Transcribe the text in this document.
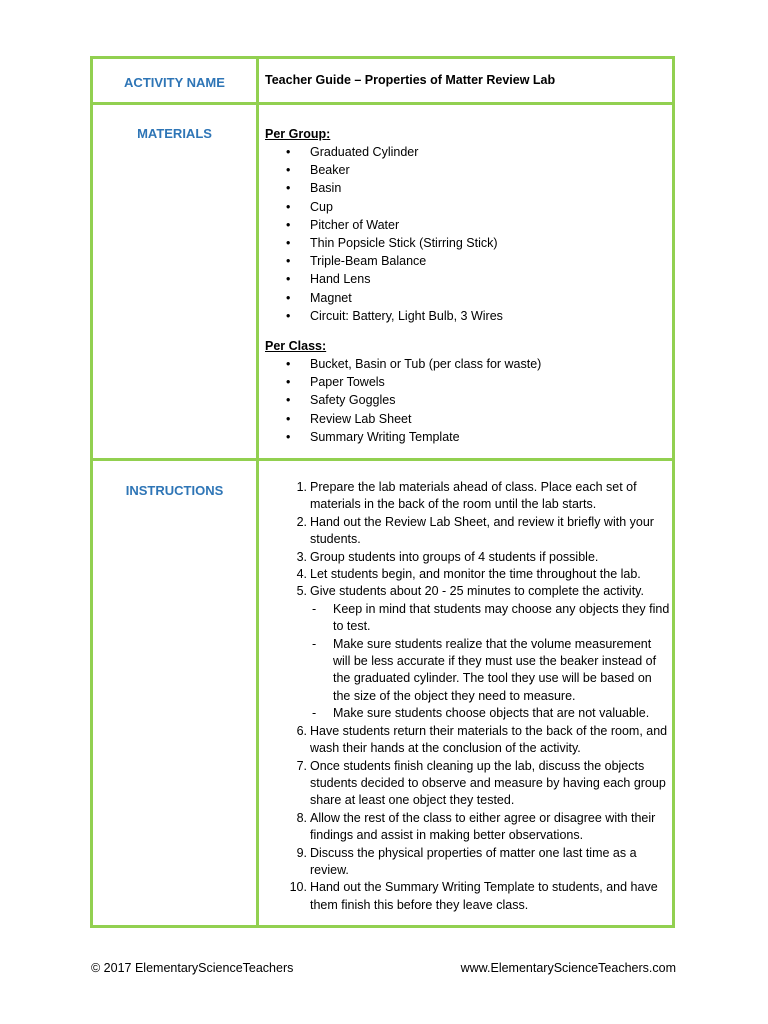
ACTIVITY NAME	Teacher Guide – Properties of Matter Review Lab
MATERIALS	Per Group:
• Graduated Cylinder
• Beaker
• Basin
• Cup
• Pitcher of Water
• Thin Popsicle Stick (Stirring Stick)
• Triple-Beam Balance
• Hand Lens
• Magnet
• Circuit: Battery, Light Bulb, 3 Wires
Per Class:
• Bucket, Basin or Tub (per class for waste)
• Paper Towels
• Safety Goggles
• Review Lab Sheet
• Summary Writing Template
INSTRUCTIONS	1. Prepare the lab materials ahead of class. Place each set of materials in the back of the room until the lab starts.
2. Hand out the Review Lab Sheet, and review it briefly with your students.
3. Group students into groups of 4 students if possible.
4. Let students begin, and monitor the time throughout the lab.
5. Give students about 20 - 25 minutes to complete the activity.
- Keep in mind that students may choose any objects they find to test.
- Make sure students realize that the volume measurement will be less accurate if they must use the beaker instead of the graduated cylinder. The tool they use will be based on the size of the object they need to measure.
- Make sure students choose objects that are not valuable.
6. Have students return their materials to the back of the room, and wash their hands at the conclusion of the activity.
7. Once students finish cleaning up the lab, discuss the objects students decided to observe and measure by having each group share at least one object they tested.
8. Allow the rest of the class to either agree or disagree with their findings and assist in making better observations.
9. Discuss the physical properties of matter one last time as a review.
10. Hand out the Summary Writing Template to students, and have them finish this before they leave class.
© 2017 ElementaryScienceTeachers	www.ElementaryScienceTeachers.com
